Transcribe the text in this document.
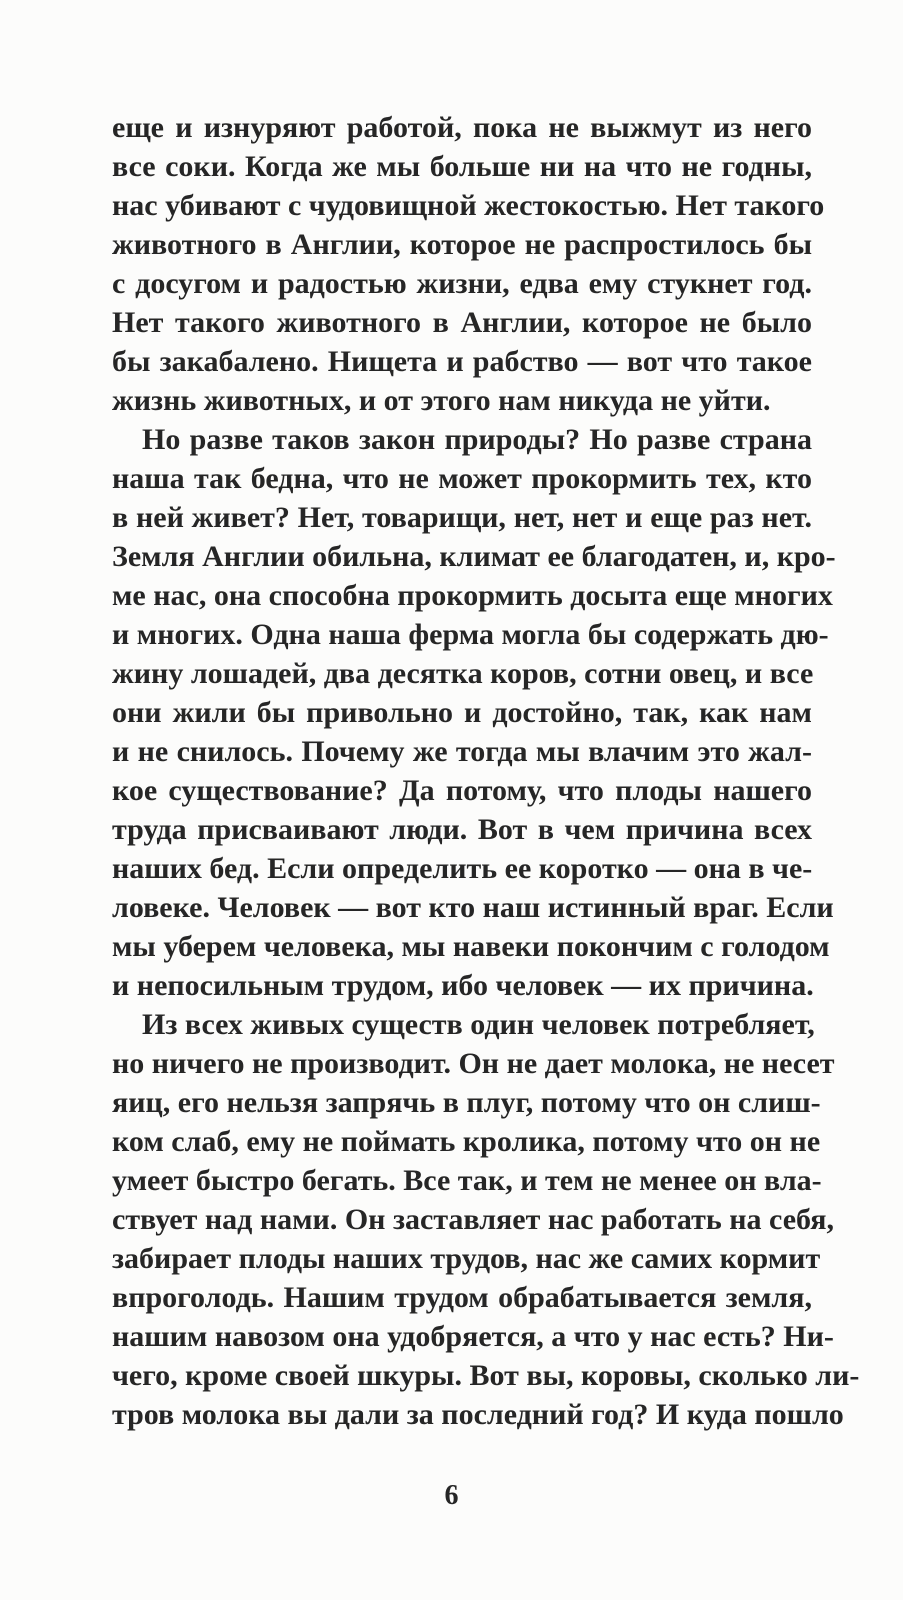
еще и изнуряют работой, пока не выжмут из него
все соки. Когда же мы больше ни на что не годны,
нас убивают с чудовищной жестокостью. Нет такого
животного в Англии, которое не распростилось бы
с досугом и радостью жизни, едва ему стукнет год.
Нет такого животного в Англии, которое не было
бы закабалено. Нищета и рабство — вот что такое
жизнь животных, и от этого нам никуда не уйти.
Но разве таков закон природы? Но разве страна
наша так бедна, что не может прокормить тех, кто
в ней живет? Нет, товарищи, нет, нет и еще раз нет.
Земля Англии обильна, климат ее благодатен, и, кро-
ме нас, она способна прокормить досыта еще многих
и многих. Одна наша ферма могла бы содержать дю-
жину лошадей, два десятка коров, сотни овец, и все
они жили бы привольно и достойно, так, как нам
и не снилось. Почему же тогда мы влачим это жал-
кое существование? Да потому, что плоды нашего
труда присваивают люди. Вот в чем причина всех
наших бед. Если определить ее коротко — она в че-
ловеке. Человек — вот кто наш истинный враг. Если
мы уберем человека, мы навеки покончим с голодом
и непосильным трудом, ибо человек — их причина.
Из всех живых существ один человек потребляет,
но ничего не производит. Он не дает молока, не несет
яиц, его нельзя запрячь в плуг, потому что он слиш-
ком слаб, ему не поймать кролика, потому что он не
умеет быстро бегать. Все так, и тем не менее он вла-
ствует над нами. Он заставляет нас работать на себя,
забирает плоды наших трудов, нас же самих кормит
впроголодь. Нашим трудом обрабатывается земля,
нашим навозом она удобряется, а что у нас есть? Ни-
чего, кроме своей шкуры. Вот вы, коровы, сколько ли-
тров молока вы дали за последний год? И куда пошло
6
